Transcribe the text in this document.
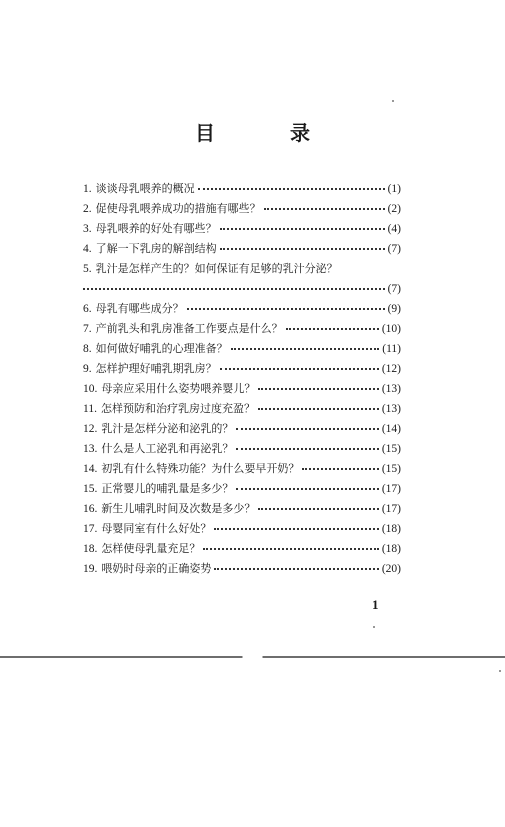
目 录
1. 谈谈母乳喂养的概况	(1)
2. 促使母乳喂养成功的措施有哪些？	(2)
3. 母乳喂养的好处有哪些？	(4)
4. 了解一下乳房的解剖结构	(7)
5. 乳汁是怎样产生的？如何保证有足够的乳汁分泌？
(7)
6. 母乳有哪些成分？	(9)
7. 产前乳头和乳房准备工作要点是什么？	(10)
8. 如何做好哺乳的心理准备？	(11)
9. 怎样护理好哺乳期乳房？	(12)
10. 母亲应采用什么姿势喂养婴儿？	(13)
11. 怎样预防和治疗乳房过度充盈？	(13)
12. 乳汁是怎样分泌和泌乳的？	(14)
13. 什么是人工泌乳和再泌乳？	(15)
14. 初乳有什么特殊功能？为什么要早开奶？	(15)
15. 正常婴儿的哺乳量是多少？	(17)
16. 新生儿哺乳时间及次数是多少？	(17)
17. 母婴同室有什么好处？	(18)
18. 怎样使母乳量充足？	(18)
19. 喂奶时母亲的正确姿势	(20)
1
